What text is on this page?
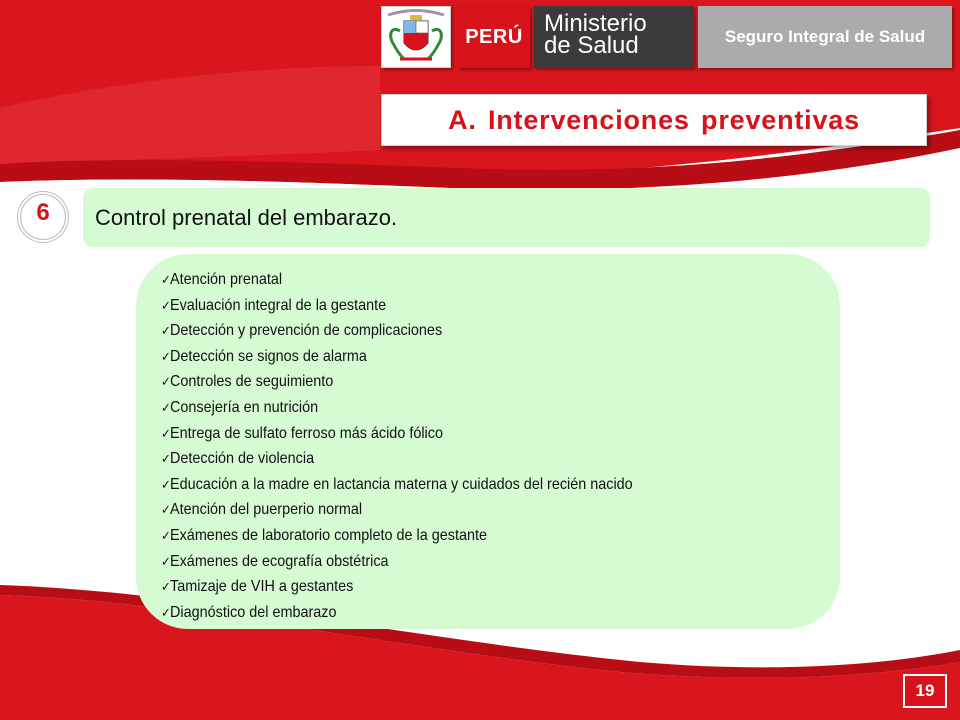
PERÚ Ministerio
de Salud	Seguro Integral de Salud
A. Intervenciones preventivas
6 Control prenatal del embarazo.
✓Atención prenatal
✓Evaluación integral de la gestante
✓Detección y prevención de complicaciones
✓Detección se signos de alarma
✓Controles de seguimiento
✓Consejería en nutrición
✓Entrega de sulfato ferroso más ácido fólico
✓Detección de violencia
✓Educación a la madre en lactancia materna y cuidados del recién nacido
✓Atención del puerperio normal
✓Exámenes de laboratorio completo de la gestante
✓Exámenes de ecografía obstétrica
✓Tamizaje de VIH a gestantes
✓Diagnóstico del embarazo
19
